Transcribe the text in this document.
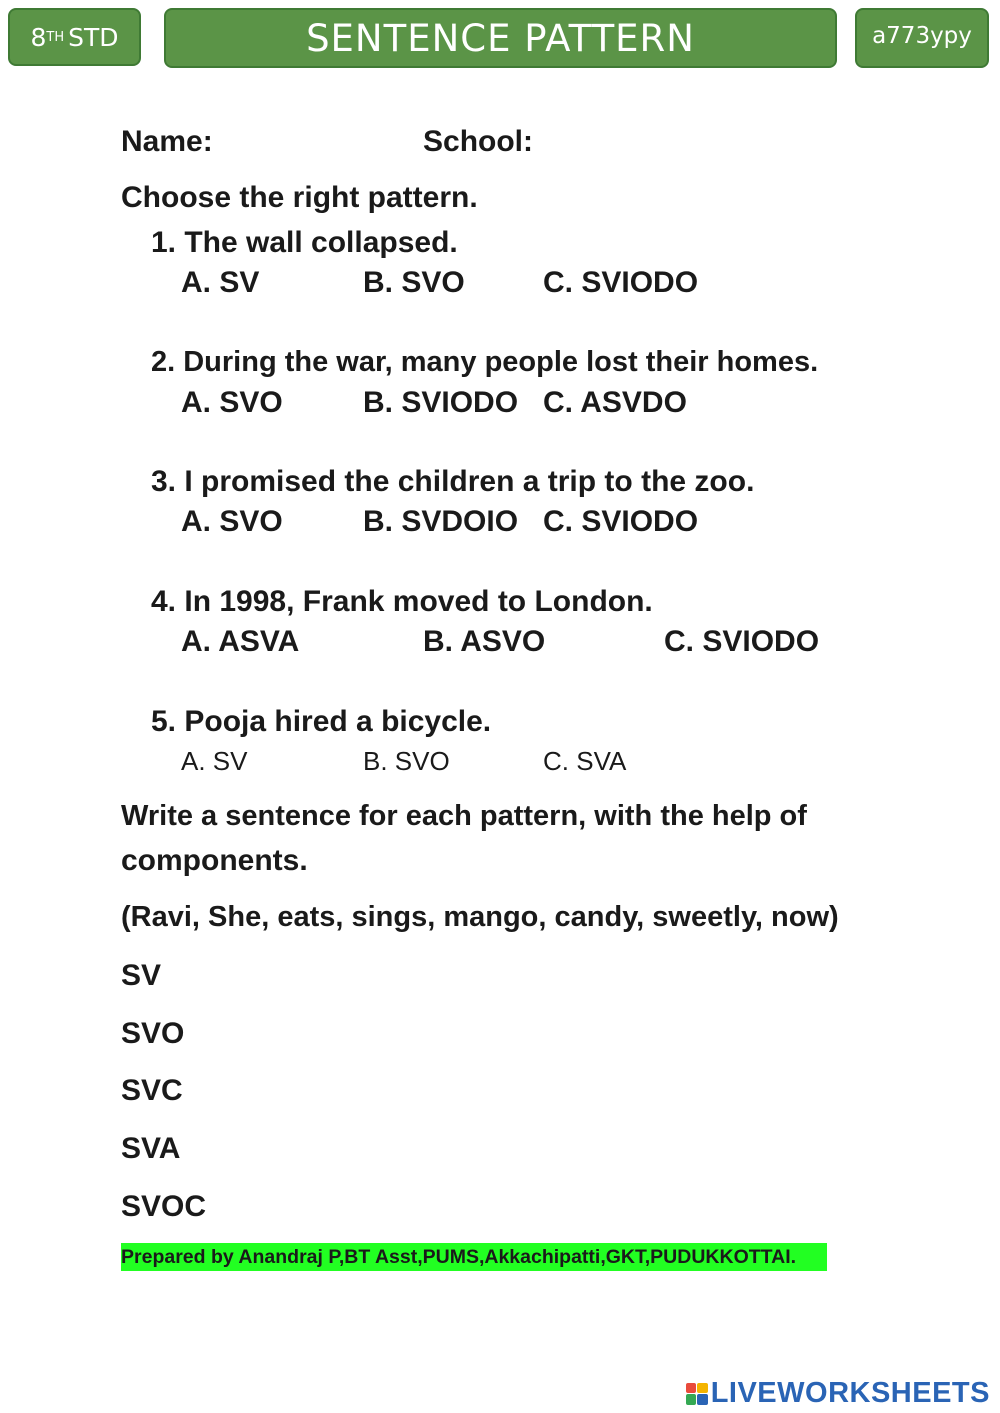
8 TH STD	SENTENCE PATTERN	a773ypy
Name:	School:
Choose the right pattern.
1. The wall collapsed.
A. SV	B. SVO	C. SVIODO
2. During the war, many people lost their homes.
A. SVO	B. SVIODO C. ASVDO
3. I promised the children a trip to the zoo.
A. SVO	B. SVDOIO C. SVIODO
4. In 1998, Frank moved to London.
A. ASVA	B. ASVO	C. SVIODO
5. Pooja hired a bicycle.
A. SV	B. SVO	C. SVA
Write a sentence for each pattern, with the help of
components.
(Ravi, She, eats, sings, mango, candy, sweetly, now)
SV
SVO
SVC
SVA
SVOC
Prepared by Anandraj P,BT Asst,PUMS,Akkachipatti,GKT,PUDUKKOTTAI.
LIVEWORKSHEETS
